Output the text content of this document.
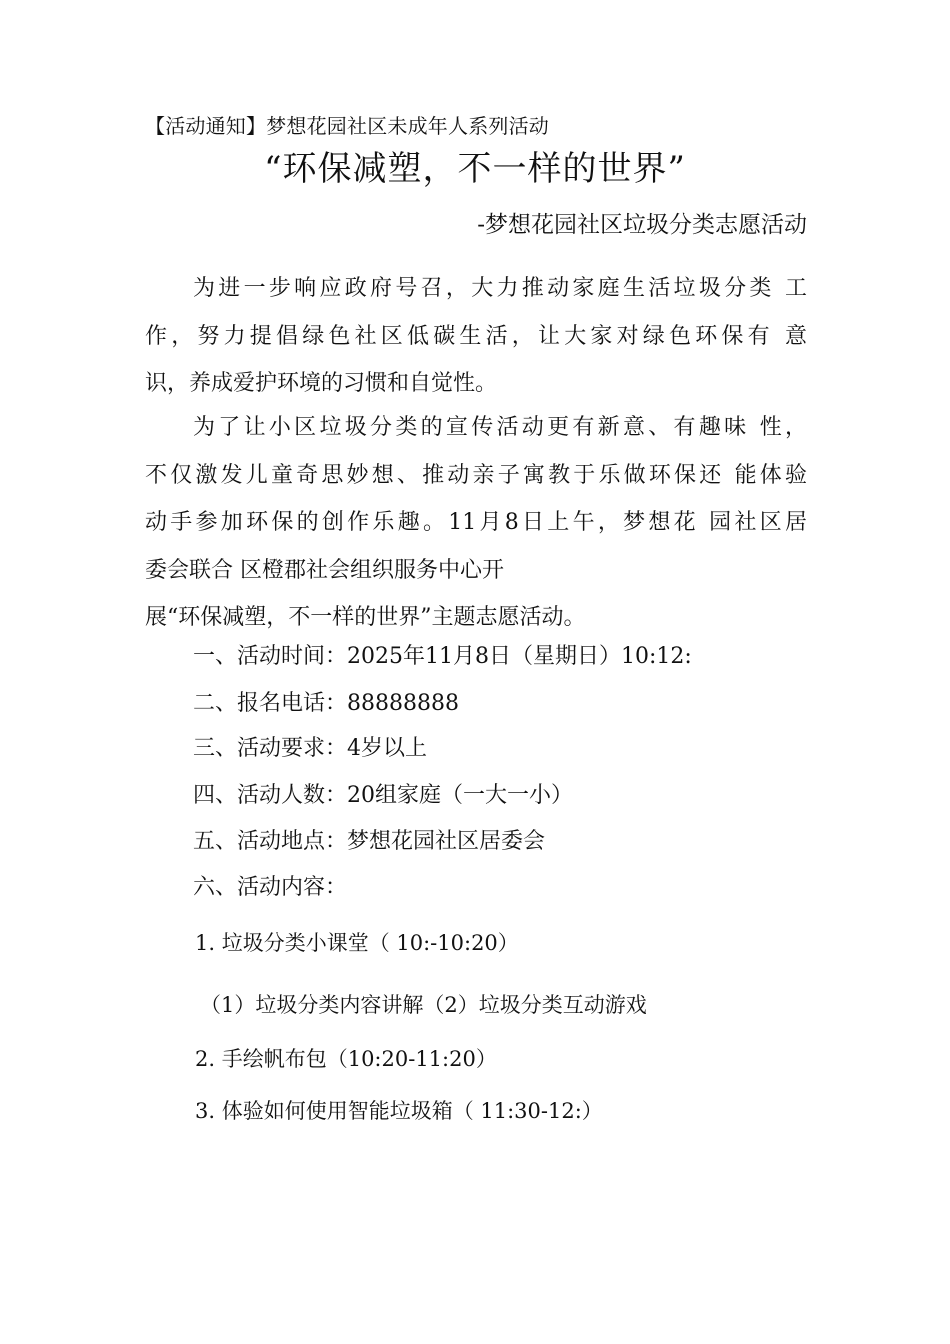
【活动通知】梦想花园社区未成年人系列活动
“环保减塑，不一样的世界”
-梦想花园社区垃圾分类志愿活动
为进一步响应政府号召，大力推动家庭生活垃圾分类 工
作，努力提倡绿色社区低碳生活，让大家对绿色环保有 意
识，养成爱护环境的习惯和自觉性。
为了让小区垃圾分类的宣传活动更有新意、有趣味 性，
不仅激发儿童奇思妙想、推动亲子寓教于乐做环保还 能体验
动手参加环保的创作乐趣。11月8日上午，梦想花 园社区居
委会联合 区橙郡社会组织服务中心开
展“环保减塑，不一样的世界”主题志愿活动。
一、活动时间：2025年11月8日（星期日）10:12:
二、报名电话：88888888
三、活动要求：4岁以上
四、活动人数：20组家庭（一大一小）
五、活动地点：梦想花园社区居委会
六、活动内容：
1. 垃圾分类小课堂（ 10:-10:20）
（1）垃圾分类内容讲解（2）垃圾分类互动游戏
2. 手绘帆布包（10:20-11:20）
3. 体验如何使用智能垃圾箱（ 11:30-12:）
